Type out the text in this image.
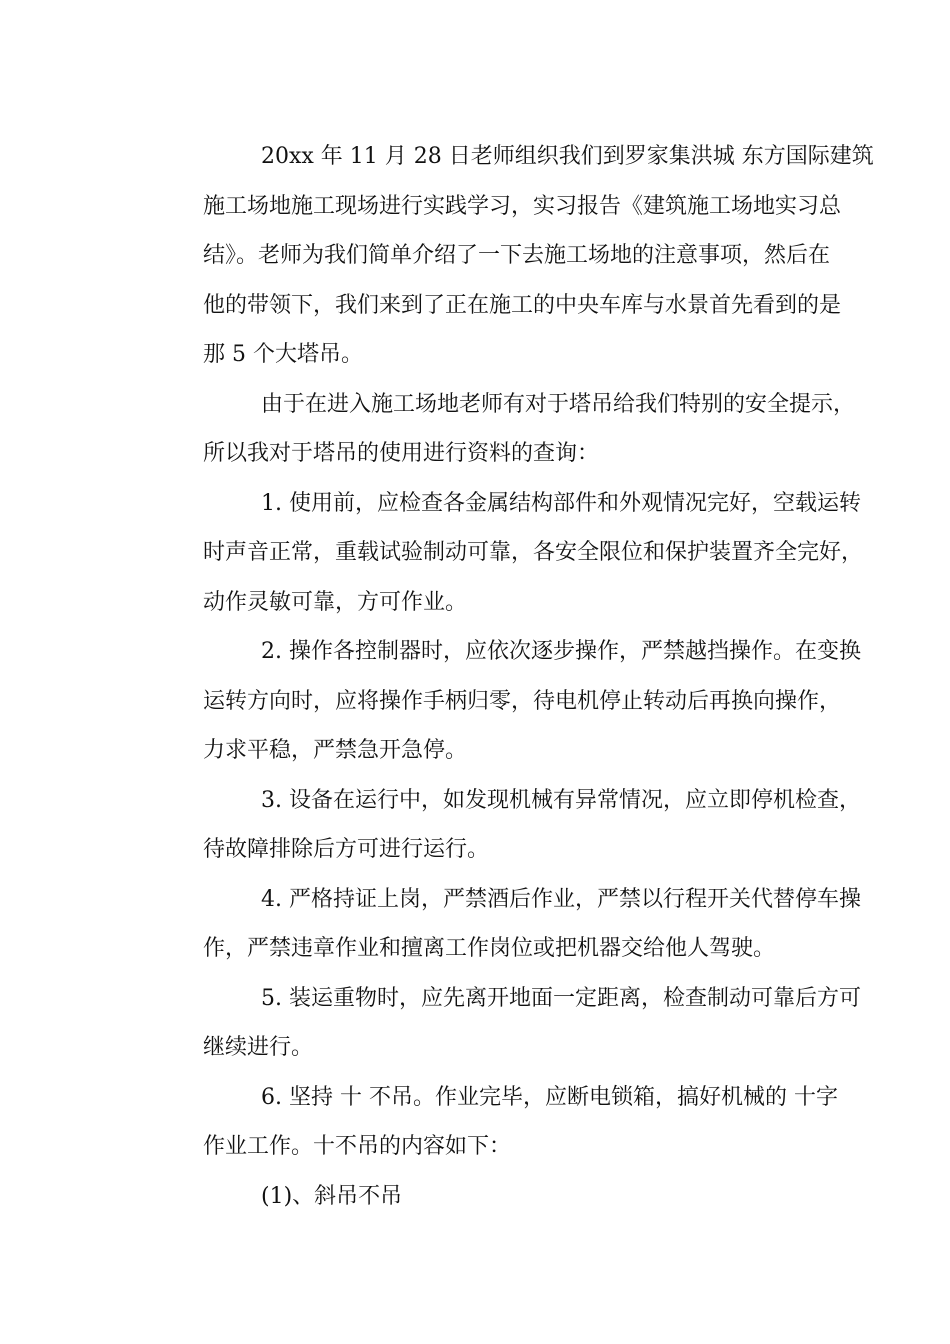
20xx 年 11 月 28 日老师组织我们到罗家集洪城 东方国际建筑
施工场地施工现场进行实践学习，实习报告《建筑施工场地实习总
结》。老师为我们简单介绍了一下去施工场地的注意事项，然后在
他的带领下，我们来到了正在施工的中央车库与水景首先看到的是
那 5 个大塔吊。
由于在进入施工场地老师有对于塔吊给我们特别的安全提示，
所以我对于塔吊的使用进行资料的查询：
1. 使用前，应检查各金属结构部件和外观情况完好，空载运转
时声音正常，重载试验制动可靠，各安全限位和保护装置齐全完好，
动作灵敏可靠，方可作业。
2. 操作各控制器时，应依次逐步操作，严禁越挡操作。在变换
运转方向时，应将操作手柄归零，待电机停止转动后再换向操作，
力求平稳，严禁急开急停。
3. 设备在运行中，如发现机械有异常情况，应立即停机检查，
待故障排除后方可进行运行。
4. 严格持证上岗，严禁酒后作业，严禁以行程开关代替停车操
作，严禁违章作业和擅离工作岗位或把机器交给他人驾驶。
5. 装运重物时，应先离开地面一定距离，检查制动可靠后方可
继续进行。
6. 坚持 十 不吊。作业完毕，应断电锁箱，搞好机械的 十字
作业工作。十不吊的内容如下：
(1)、斜吊不吊
